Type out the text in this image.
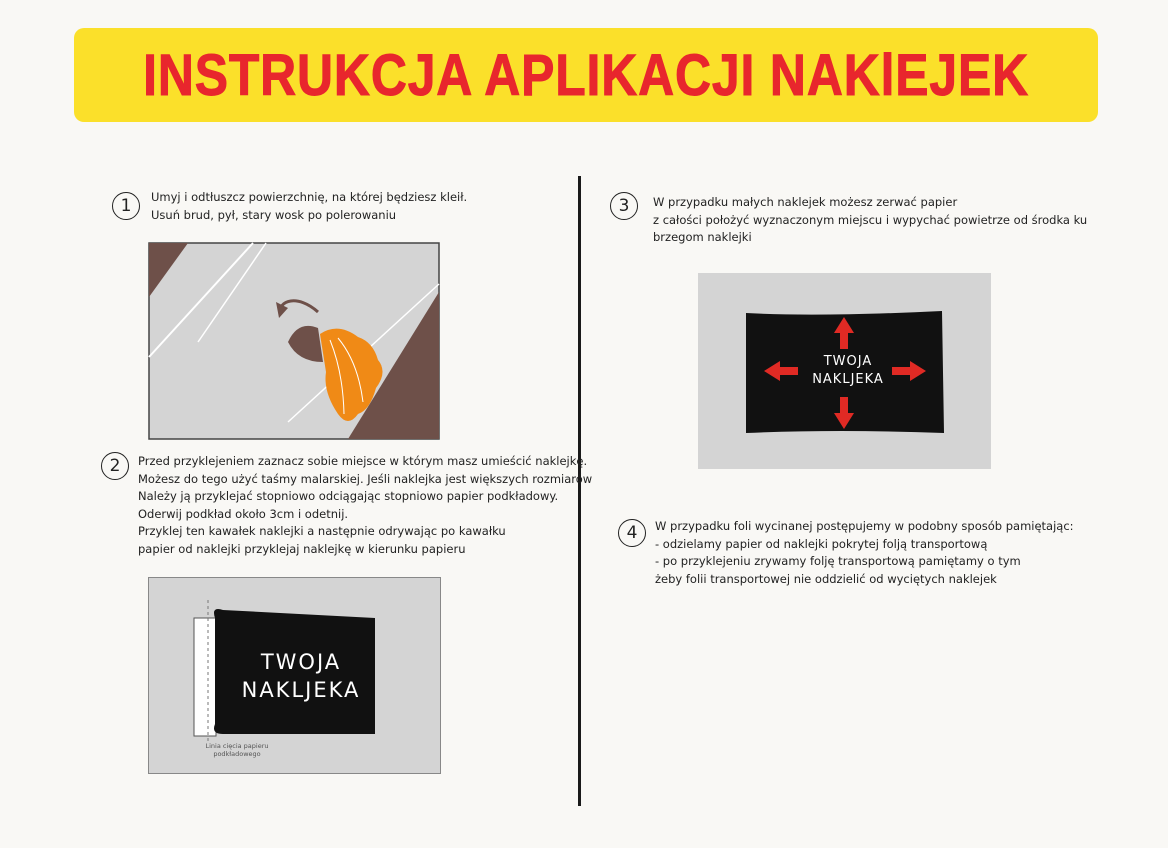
INSTRUKCJA APLIKACJI NAKlEJEK
1	Umyj i odtłuszcz powierzchnię, na której będziesz kleił.
Usuń brud, pył, stary wosk po polerowaniu
2	Przed przyklejeniem zaznacz sobie miejsce w którym masz umieścić naklejkę.
Możesz do tego użyć taśmy malarskiej. Jeśli naklejka jest większych rozmiarów
Należy ją przyklejać stopniowo odciągając stopniowo papier podkładowy.
Oderwij podkład około 3cm i odetnij.
Przyklej ten kawałek naklejki a następnie odrywając po kawałku
papier od naklejki przyklejaj naklejkę w kierunku papieru
TWOJA
NAKLJEKA
Linia cięcia papieru
podkładowego
3	W przypadku małych naklejek możesz zerwać papier
z całości położyć wyznaczonym miejscu i wypychać powietrze od środka ku
brzegom naklejki
TWOJA
NAKLJEKA
4	W przypadku foli wycinanej postępujemy w podobny sposób pamiętając:
- odzielamy papier od naklejki pokrytej folją transportową
- po przyklejeniu zrywamy folję transportową pamiętamy o tym
żeby folii transportowej nie oddzielić od wyciętych naklejek
